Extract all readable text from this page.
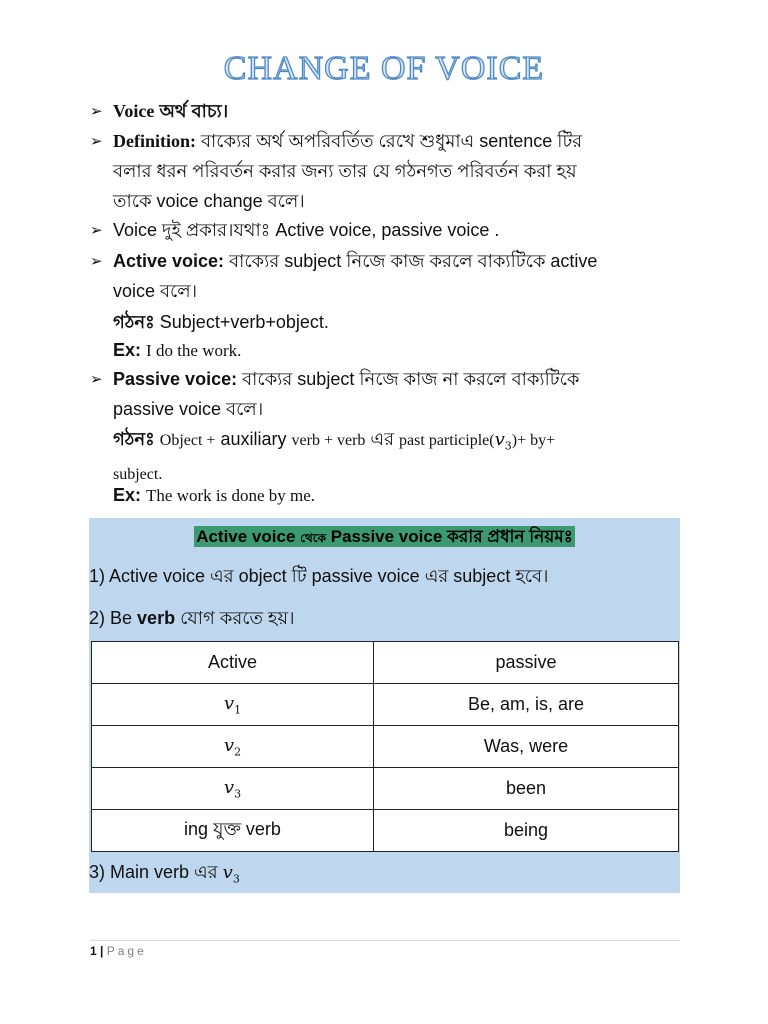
CHANGE OF VOICE
➢ Voice অর্থ বাচ্য।
➢ Definition: বাক্যের অর্থ অপরিবর্তিত রেখে শুধুমাএ sentence টির
বলার ধরন পরিবর্তন করার জন্য তার যে গঠনগত পরিবর্তন করা হয়
তাকে voice change বলে।
➢ Voice দুই প্রকার।যথাঃ Active voice, passive voice .
➢ Active voice: বাক্যের subject নিজে কাজ করলে বাক্যটিকে active
voice বলে।
গঠনঃ Subject+verb+object.
Ex: I do the work.
➢ Passive voice: বাক্যের subject নিজে কাজ না করলে বাক্যটিকে
passive voice বলে।
গঠনঃ Object + auxiliary verb + verb এর past $participle(v_3)+ by+$
subject.
Ex: The work is done by me.
Active voice থেকে Passive voice করার প্রধান নিয়মঃ
1) Active voice এর object টি passive voice এর subject হবে।
2) Be verb যোগ করতে হয়।
3) Main verb এর $v_3$
Active	passive
$v_1$	Be, am, is, are
$v_2$	Was, were
$v_3$	been
ing যুক্ত verb	being
1 | Page
